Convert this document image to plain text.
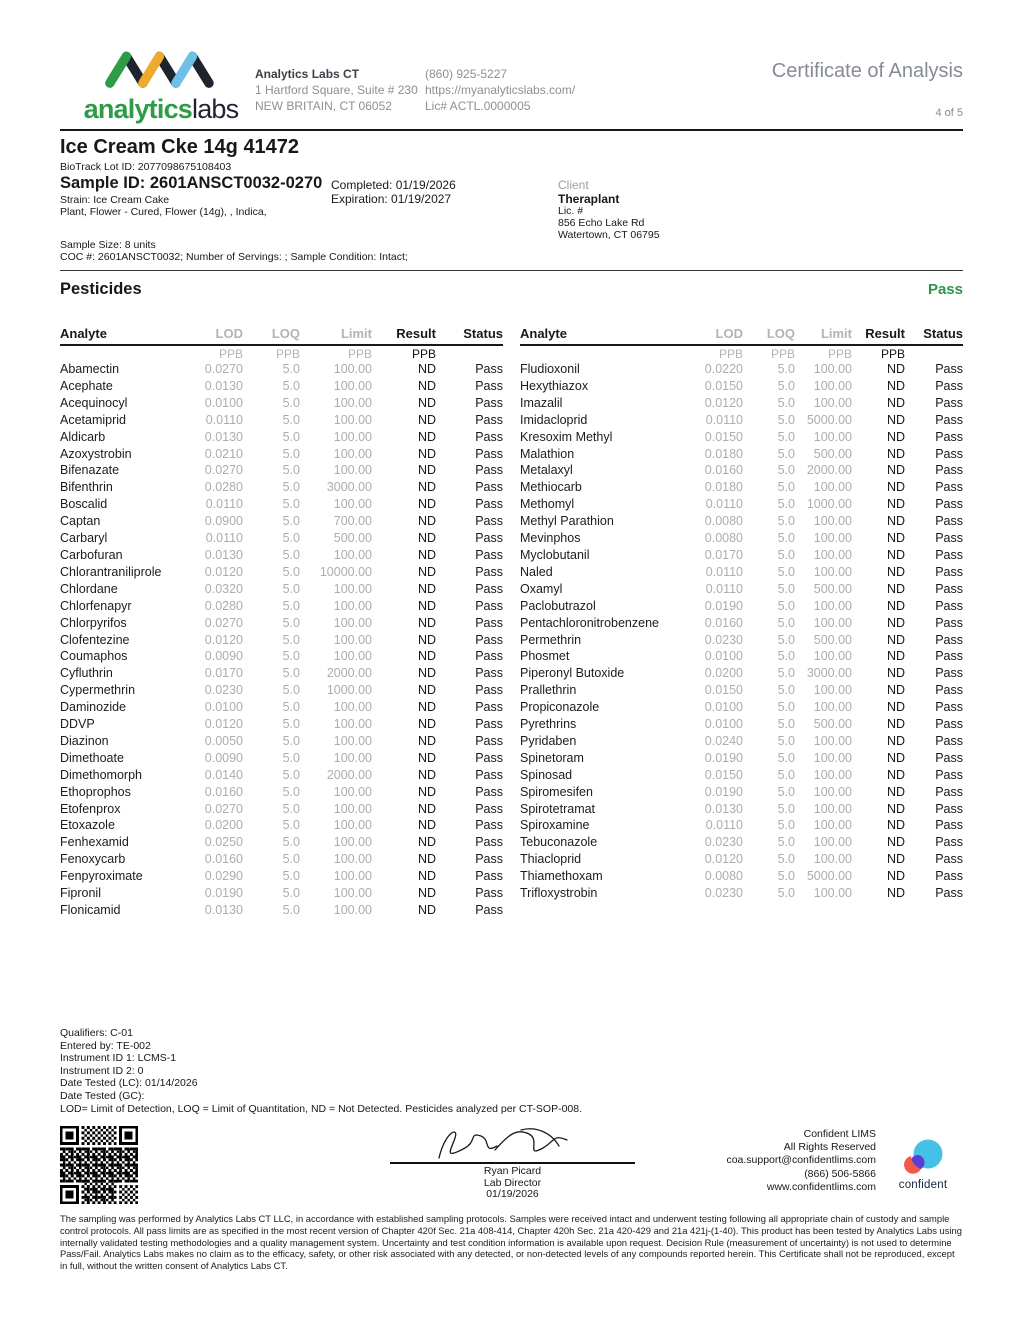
analyticslabs
Analytics Labs CT
1 Hartford Square, Suite # 230
NEW BRITAIN, CT 06052
(860) 925-5227
https://myanalyticslabs.com/
Lic# ACTL.0000005
Certificate of Analysis
4 of 5
Ice Cream Cke 14g 41472
BioTrack Lot ID: 2077098675108403
Sample ID: 2601ANSCT0032-0270
Strain: Ice Cream Cake
Plant, Flower - Cured, Flower (14g), , Indica,
Completed: 01/19/2026
Expiration: 01/19/2027
Client
Theraplant
Lic. #
856 Echo Lake Rd
Watertown, CT 06795
Sample Size: 8 units
COC #: 2601ANSCT0032; Number of Servings: ; Sample Condition: Intact;
Pesticides	Pass
Analyte	LOD	LOQ	Limit	Result	Status
	PPB	PPB	PPB	PPB	
Abamectin	0.0270	5.0	100.00	ND	Pass
Acephate	0.0130	5.0	100.00	ND	Pass
Acequinocyl	0.0100	5.0	100.00	ND	Pass
Acetamiprid	0.0110	5.0	100.00	ND	Pass
Aldicarb	0.0130	5.0	100.00	ND	Pass
Azoxystrobin	0.0210	5.0	100.00	ND	Pass
Bifenazate	0.0270	5.0	100.00	ND	Pass
Bifenthrin	0.0280	5.0	3000.00	ND	Pass
Boscalid	0.0110	5.0	100.00	ND	Pass
Captan	0.0900	5.0	700.00	ND	Pass
Carbaryl	0.0110	5.0	500.00	ND	Pass
Carbofuran	0.0130	5.0	100.00	ND	Pass
Chlorantraniliprole	0.0120	5.0	10000.00	ND	Pass
Chlordane	0.0320	5.0	100.00	ND	Pass
Chlorfenapyr	0.0280	5.0	100.00	ND	Pass
Chlorpyrifos	0.0270	5.0	100.00	ND	Pass
Clofentezine	0.0120	5.0	100.00	ND	Pass
Coumaphos	0.0090	5.0	100.00	ND	Pass
Cyfluthrin	0.0170	5.0	2000.00	ND	Pass
Cypermethrin	0.0230	5.0	1000.00	ND	Pass
Daminozide	0.0100	5.0	100.00	ND	Pass
DDVP	0.0120	5.0	100.00	ND	Pass
Diazinon	0.0050	5.0	100.00	ND	Pass
Dimethoate	0.0090	5.0	100.00	ND	Pass
Dimethomorph	0.0140	5.0	2000.00	ND	Pass
Ethoprophos	0.0160	5.0	100.00	ND	Pass
Etofenprox	0.0270	5.0	100.00	ND	Pass
Etoxazole	0.0200	5.0	100.00	ND	Pass
Fenhexamid	0.0250	5.0	100.00	ND	Pass
Fenoxycarb	0.0160	5.0	100.00	ND	Pass
Fenpyroximate	0.0290	5.0	100.00	ND	Pass
Fipronil	0.0190	5.0	100.00	ND	Pass
Flonicamid	0.0130	5.0	100.00	ND	Pass
Analyte	LOD	LOQ	Limit	Result	Status
	PPB	PPB	PPB	PPB	
Fludioxonil	0.0220	5.0	100.00	ND	Pass
Hexythiazox	0.0150	5.0	100.00	ND	Pass
Imazalil	0.0120	5.0	100.00	ND	Pass
Imidacloprid	0.0110	5.0	5000.00	ND	Pass
Kresoxim Methyl	0.0150	5.0	100.00	ND	Pass
Malathion	0.0180	5.0	500.00	ND	Pass
Metalaxyl	0.0160	5.0	2000.00	ND	Pass
Methiocarb	0.0180	5.0	100.00	ND	Pass
Methomyl	0.0110	5.0	1000.00	ND	Pass
Methyl Parathion	0.0080	5.0	100.00	ND	Pass
Mevinphos	0.0080	5.0	100.00	ND	Pass
Myclobutanil	0.0170	5.0	100.00	ND	Pass
Naled	0.0110	5.0	100.00	ND	Pass
Oxamyl	0.0110	5.0	500.00	ND	Pass
Paclobutrazol	0.0190	5.0	100.00	ND	Pass
Pentachloronitrobenzene	0.0160	5.0	100.00	ND	Pass
Permethrin	0.0230	5.0	500.00	ND	Pass
Phosmet	0.0100	5.0	100.00	ND	Pass
Piperonyl Butoxide	0.0200	5.0	3000.00	ND	Pass
Prallethrin	0.0150	5.0	100.00	ND	Pass
Propiconazole	0.0100	5.0	100.00	ND	Pass
Pyrethrins	0.0100	5.0	500.00	ND	Pass
Pyridaben	0.0240	5.0	100.00	ND	Pass
Spinetoram	0.0190	5.0	100.00	ND	Pass
Spinosad	0.0150	5.0	100.00	ND	Pass
Spiromesifen	0.0190	5.0	100.00	ND	Pass
Spirotetramat	0.0130	5.0	100.00	ND	Pass
Spiroxamine	0.0110	5.0	100.00	ND	Pass
Tebuconazole	0.0230	5.0	100.00	ND	Pass
Thiacloprid	0.0120	5.0	100.00	ND	Pass
Thiamethoxam	0.0080	5.0	5000.00	ND	Pass
Trifloxystrobin	0.0230	5.0	100.00	ND	Pass
Qualifiers: C-01
Entered by: TE-002
Instrument ID 1: LCMS-1
Instrument ID 2: 0
Date Tested (LC): 01/14/2026
Date Tested (GC):
LOD= Limit of Detection, LOQ = Limit of Quantitation, ND = Not Detected. Pesticides analyzed per CT-SOP-008.
Ryan Picard
Lab Director
01/19/2026
Confident LIMS
All Rights Reserved
coa.support@confidentlims.com
(866) 506-5866
www.confidentlims.com	confident
The sampling was performed by Analytics Labs CT LLC, in accordance with established sampling protocols. Samples were received intact and underwent testing following all appropriate chain of custody and sample control protocols. All pass limits are as specified in the most recent version of Chapter 420f Sec. 21a 408-414, Chapter 420h Sec. 21a 420-429 and 21a 421j-(1-40). This product has been tested by Analytics Labs using internally validated testing methodologies and a quality management system. Uncertainty and test condition information is available upon request. Decision Rule (measurement of uncertainty) is not used to determine Pass/Fail. Analytics Labs makes no claim as to the efficacy, safety, or other risk associated with any detected, or non-detected levels of any compounds reported herein. This Certificate shall not be reproduced, except in full, without the written consent of Analytics Labs CT.
